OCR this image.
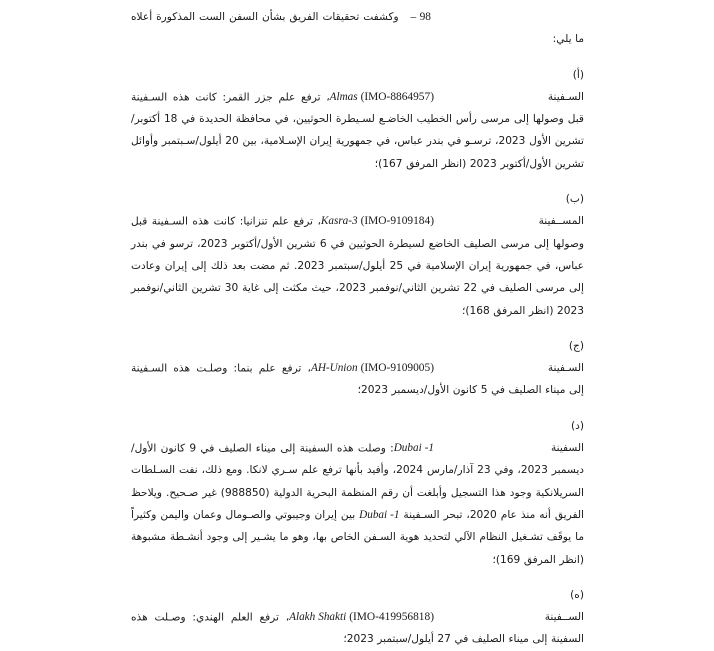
98 –   وكشفت تحقيقات الفريق بشأن السفن الست المذكورة أعلاه ما يلي:

(أ)السـفينةAlmas (IMO-8864957)، ترفع علم جزر القمر: كانت هذه السـفينة قبل وصولها إلى مرسى رأس الخطيب الخاضـع لسـيطرة الحوثيين، في محافظة الحديدة في 18 أكتوبر/تشرين الأول 2023، ترسـو في بندر عباس، في جمهورية إيران الإسـلامية، بين 20 أيلول/سـبتمبر وأوائل تشرين الأول/أكتوبر 2023 (انظر المرفق 167)؛

(ب)المســفينةKasra-3 (IMO-9109184)، ترفع علم تنزانيا: كانت هذه السـفينة قبل وصولها إلى مرسى الصليف الخاضع لسيطرة الحوثيين في 6 تشرين الأول/أكتوبر 2023، ترسو في بندر عباس، في جمهورية إيران الإسلامية في 25 أيلول/سبتمبر 2023. ثم مضت بعد ذلك إلى إيران وعادت إلى مرسى الصليف في 22 تشرين الثاني/نوفمبر 2023، حيث مكثت إلى غاية 30 تشرين الثاني/نوفمبر 2023 (انظر المرفق 168)؛

(ج)السـفينةAH-Union (IMO-9109005)، ترفع علم بنما: وصلـت هذه السـفينة إلى ميناء الصليف في 5 كانون الأول/ديسمبر 2023؛

(د)السفينةDubai -1: وصلت هذه السفينة إلى ميناء الصليف في 9 كانون الأول/ديسمبر 2023، وفي 23 آذار/مارس 2024، وأفيد بأنها ترفع علم سـري لانكا. ومع ذلك، نفت السـلطات السريلانكية وجود هذا التسجيل وأبلغت أن رقم المنظمة البحرية الدولية (988850) غير صـحيح. ويلاحظ الفريق أنه منذ عام 2020، تبحر السـفينة Dubai -1 بين إيران وجيبوتي والصـومال وعمان واليمن وكثيراً ما يوقَف تشـغيل النظام الآلي لتحديد هوية السـفن الخاص بها، وهو ما يشـير إلى وجود أنشـطة مشبوهة (انظر المرفق 169)؛

(ه)الســفينةAlakh Shakti (IMO-419956818)، ترفع العلم الهندي: وصـلت هذه السفينة إلى ميناء الصليف في 27 أيلول/سبتمبر 2023؛
